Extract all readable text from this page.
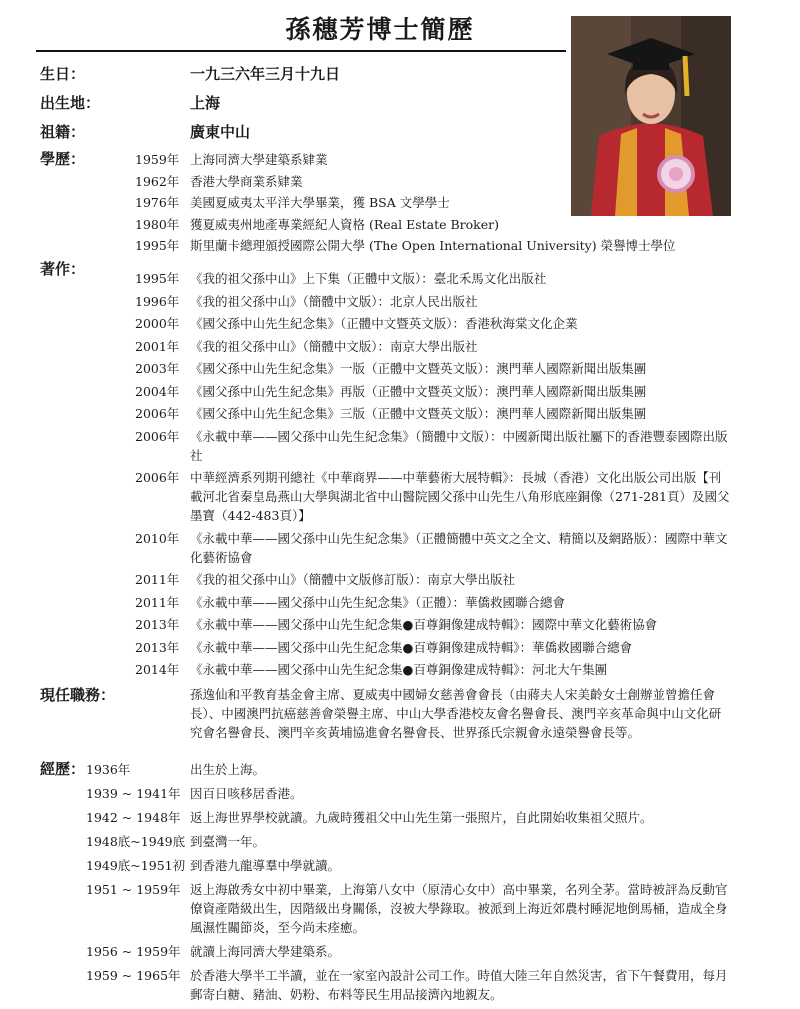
孫穗芳博士簡歷
生日：	一九三六年三月十九日
出生地：	上海
祖籍：	廣東中山
學歷：	1959年 上海同濟大學建築系肄業
1962年 香港大學商業系肄業
1976年 美國夏威夷太平洋大學畢業，獲 BSA 文學學士
1980年 獲夏威夷州地產專業經紀人資格 (Real Estate Broker)
1995年 斯里蘭卡總理頒授國際公開大學 (The Open International University) 榮譽博士學位
著作：
1995年 《我的祖父孫中山》上下集（正體中文版）：臺北禾馬文化出版社
1996年 《我的祖父孫中山》（簡體中文版）：北京人民出版社
2000年 《國父孫中山先生紀念集》（正體中文暨英文版）：香港秋海棠文化企業
2001年 《我的祖父孫中山》（簡體中文版）：南京大學出版社
2003年 《國父孫中山先生紀念集》一版（正體中文暨英文版）：澳門華人國際新聞出版集團
2004年 《國父孫中山先生紀念集》再版（正體中文暨英文版）：澳門華人國際新聞出版集團
2006年 《國父孫中山先生紀念集》三版（正體中文暨英文版）：澳門華人國際新聞出版集團
2006年 《永載中華——國父孫中山先生紀念集》（簡體中文版）：中國新聞出版社屬下的香港豐泰國際出版社
2006年 中華經濟系列期刊總社《中華商界——中華藝術大展特輯》：長城（香港）文化出版公司出版【刊載河北省秦皇島燕山大學與湖北省中山醫院國父孫中山先生八角形底座銅像（271-281頁）及國父墨寶（442-483頁）】
2010年 《永載中華——國父孫中山先生紀念集》（正體簡體中英文之全文、精簡以及網路版）：國際中華文化藝術協會
2011年 《我的祖父孫中山》（簡體中文版修訂版）：南京大學出版社
2011年 《永載中華——國父孫中山先生紀念集》（正體）：華僑救國聯合總會
2013年 《永載中華——國父孫中山先生紀念集●百尊銅像建成特輯》：國際中華文化藝術協會
2013年 《永載中華——國父孫中山先生紀念集●百尊銅像建成特輯》：華僑救國聯合總會
2014年 《永載中華——國父孫中山先生紀念集●百尊銅像建成特輯》：河北大午集團
現任職務：	孫逸仙和平教育基金會主席、夏威夷中國婦女慈善會會長（由蔣夫人宋美齡女士創辦並曾擔任會長）、中國澳門抗癌慈善會榮譽主席、中山大學香港校友會名譽會長、澳門辛亥革命與中山文化研究會名譽會長、澳門辛亥黃埔協進會名譽會長、世界孫氏宗親會永遠榮譽會長等。
經歷： 1936年	出生於上海。
1939 ~ 1941年 因百日咳移居香港。
1942 ~ 1948年 返上海世界學校就讀。九歲時獲祖父中山先生第一張照片，自此開始收集祖父照片。
1948底~1949底 到臺灣一年。
1949底~1951初 到香港九龍導羣中學就讀。
1951 ~ 1959年 返上海啟秀女中初中畢業，上海第八女中（原清心女中）高中畢業，名列全茅。當時被評為反動官僚資產階級出生，因階級出身關係，沒被大學錄取。被派到上海近郊農村睡泥地倒馬桶，造成全身風濕性關節炎，至今尚未痊癒。
1956 ~ 1959年 就讀上海同濟大學建築系。
1959 ~ 1965年 於香港大學半工半讀，並在一家室內設計公司工作。時值大陸三年自然災害，省下午餐費用，每月郵寄白糖、豬油、奶粉、布料等民生用品接濟內地親友。
